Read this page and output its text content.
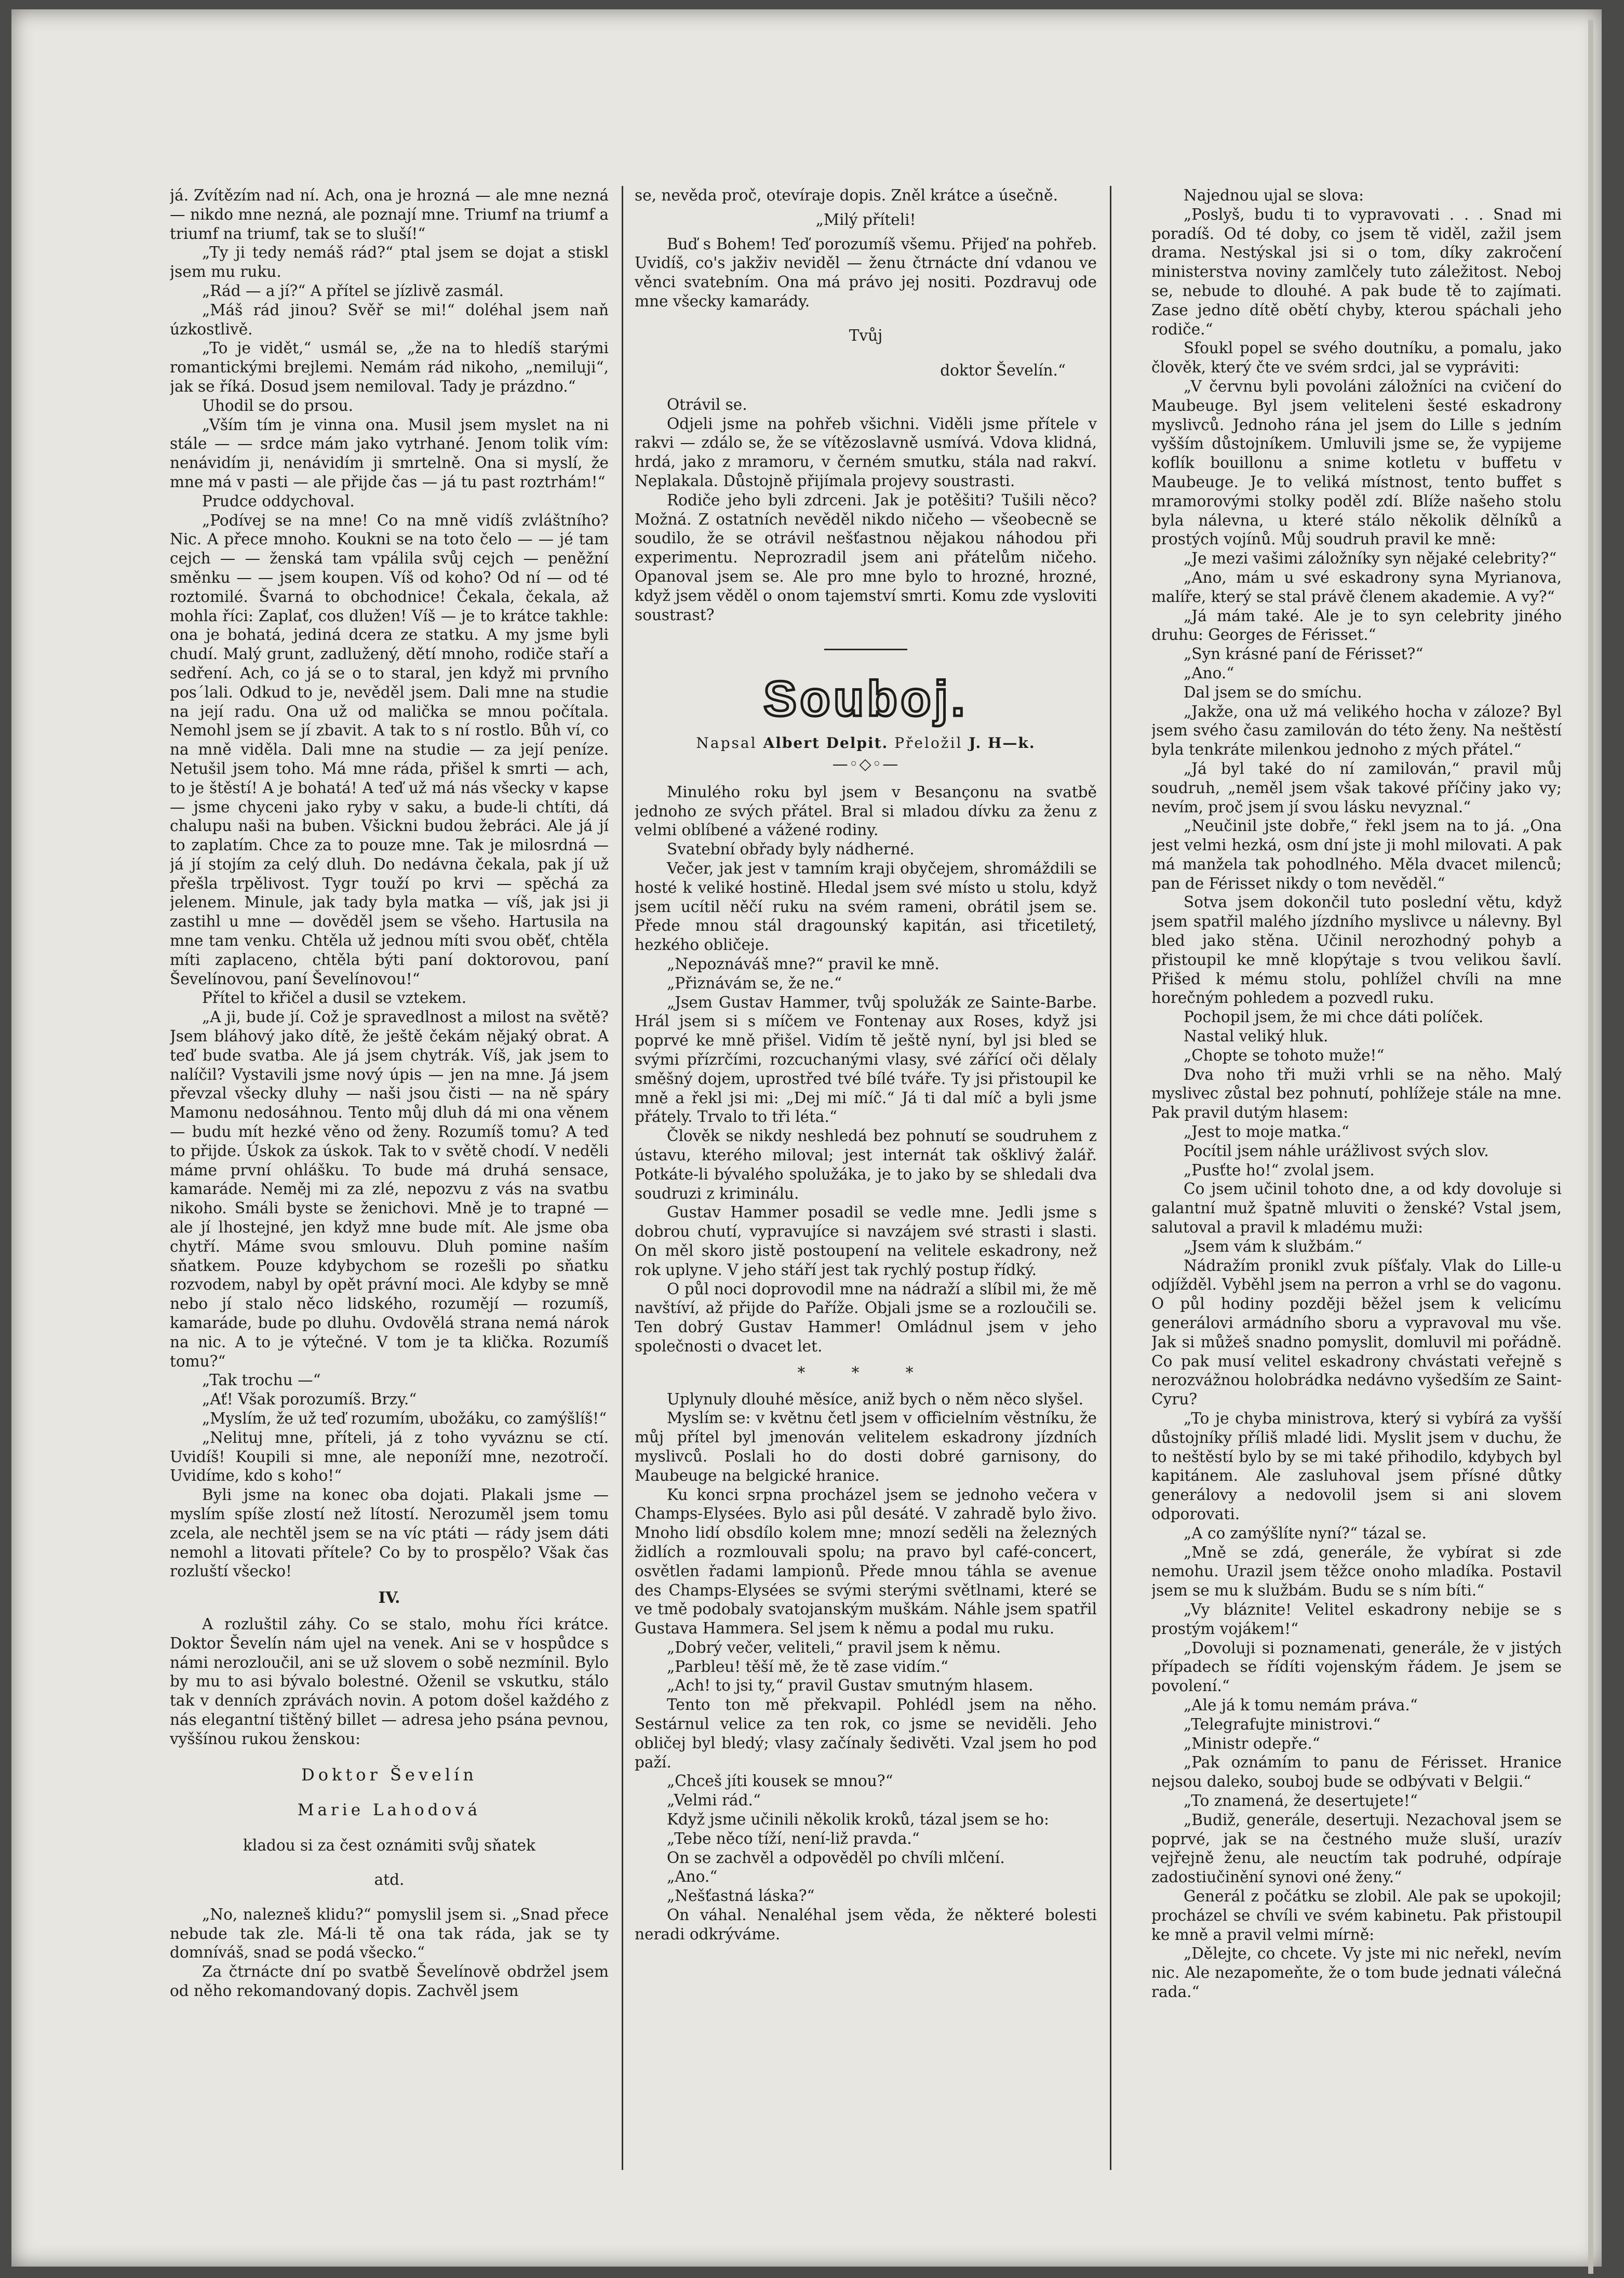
já. Zvítězím nad ní. Ach, ona je hrozná — ale mne nezná — nikdo mne nezná, ale poznají mne. Triumf na triumf a triumf na triumf, tak se to sluší!“

„Ty ji tedy nemáš rád?“ ptal jsem se dojat a stiskl jsem mu ruku.

„Rád — a jí?“ A přítel se jízlivě zasmál.

„Máš rád jinou? Svěř se mi!“ doléhal jsem naň úzkostlivě.

„To je vidět,“ usmál se, „že na to hledíš starými romantickými brejlemi. Nemám rád nikoho, „nemiluji“, jak se říká. Dosud jsem nemiloval. Tady je prázdno.“

Uhodil se do prsou.

„Vším tím je vinna ona. Musil jsem myslet na ni stále — — srdce mám jako vytrhané. Jenom tolik vím: nenávidím ji, nenávidím ji smrtelně. Ona si myslí, že mne má v pasti — ale přijde čas — já tu past roztrhám!“

Prudce oddychoval.

„Podívej se na mne! Co na mně vidíš zvláštního? Nic. A přece mnoho. Koukni se na toto čelo — — jé tam cejch — — ženská tam vpálila svůj cejch — peněžní směnku — — jsem koupen. Víš od koho? Od ní — od té roztomilé. Švarná to obchodnice! Čekala, čekala, až mohla říci: Zaplať, cos dlužen! Víš — je to krátce takhle: ona je bohatá, jediná dcera ze statku. A my jsme byli chudí. Malý grunt, zadlužený, dětí mnoho, rodiče staří a sedření. Ach, co já se o to staral, jen když mi prvního pos´lali. Odkud to je, nevěděl jsem. Dali mne na studie na její radu. Ona už od malička se mnou počítala. Nemohl jsem se jí zbavit. A tak to s ní rostlo. Bůh ví, co na mně viděla. Dali mne na studie — za její peníze. Netušil jsem toho. Má mne ráda, přišel k smrti — ach, to je štěstí! A je bohatá! A teď už má nás všecky v kapse — jsme chyceni jako ryby v saku, a bude-li chtíti, dá chalupu naši na buben. Všickni budou žebráci. Ale já jí to zaplatím. Chce za to pouze mne. Tak je milosrdná — já jí stojím za celý dluh. Do nedávna čekala, pak jí už přešla trpělivost. Tygr touží po krvi — spěchá za jelenem. Minule, jak tady byla matka — víš, jak jsi ji zastihl u mne — dověděl jsem se všeho. Hartusila na mne tam venku. Chtěla už jednou míti svou oběť, chtěla míti zaplaceno, chtěla býti paní doktorovou, paní Ševelínovou, paní Ševelínovou!“

Přítel to křičel a dusil se vztekem.

„A ji, bude jí. Což je spravedlnost a milost na světě? Jsem bláhový jako dítě, že ještě čekám nějaký obrat. A teď bude svatba. Ale já jsem chytrák. Víš, jak jsem to nalíčil? Vystavili jsme nový úpis — jen na mne. Já jsem převzal všecky dluhy — naši jsou čisti — na ně spáry Mamonu nedosáhnou. Tento můj dluh dá mi ona věnem — budu mít hezké věno od ženy. Rozumíš tomu? A teď to přijde. Úskok za úskok. Tak to v světě chodí. V neděli máme první ohlášku. To bude má druhá sensace, kamaráde. Neměj mi za zlé, nepozvu z vás na svatbu nikoho. Smáli byste se ženichovi. Mně je to trapné — ale jí lhostejné, jen když mne bude mít. Ale jsme oba chytří. Máme svou smlouvu. Dluh pomine naším sňatkem. Pouze kdybychom se rozešli po sňatku rozvodem, nabyl by opět právní moci. Ale kdyby se mně nebo jí stalo něco lidského, rozumějí — rozumíš, kamaráde, bude po dluhu. Ovdovělá strana nemá nárok na nic. A to je výtečné. V tom je ta klička. Rozumíš tomu?“

„Tak trochu —“

„Ať! Však porozumíš. Brzy.“

„Myslím, že už teď rozumím, ubožáku, co zamýšlíš!“

„Nelituj mne, příteli, já z toho vyváznu se ctí. Uvidíš! Koupili si mne, ale neponíží mne, nezotročí. Uvidíme, kdo s koho!“

Byli jsme na konec oba dojati. Plakali jsme — myslím spíše zlostí než lítostí. Nerozuměl jsem tomu zcela, ale nechtěl jsem se na víc ptáti — rády jsem dáti nemohl a litovati přítele? Co by to prospělo? Však čas rozluští všecko!

IV.

A rozluštil záhy. Co se stalo, mohu říci krátce. Doktor Ševelín nám ujel na venek. Ani se v hospůdce s námi nerozloučil, ani se už slovem o sobě nezmínil. Bylo by mu to asi bývalo bolestné. Oženil se vskutku, stálo tak v denních zprávách novin. A potom došel každého z nás elegantní tištěný billet — adresa jeho psána pevnou, vyššínou rukou ženskou:

Doktor Ševelín

Marie Lahodová

kladou si za čest oznámiti svůj sňatek

atd.

„No, nalezneš klidu?“ pomyslil jsem si. „Snad přece nebude tak zle. Má-li tě ona tak ráda, jak se ty domníváš, snad se podá všecko.“

Za čtrnácte dní po svatbě Ševelínově obdržel jsem od něho rekomandovaný dopis. Zachvěl jsem

se, nevěda proč, otevíraje dopis. Zněl krátce a úsečně.

„Milý příteli!

Buď s Bohem! Teď porozumíš všemu. Přijeď na pohřeb. Uvidíš, co's jakživ neviděl — ženu čtrnácte dní vdanou ve věnci svatebním. Ona má právo jej nositi. Pozdravuj ode mne všecky kamarády.

Tvůj

doktor Ševelín.“

Otrávil se.

Odjeli jsme na pohřeb všichni. Viděli jsme přítele v rakvi — zdálo se, že se vítězoslavně usmívá. Vdova klidná, hrdá, jako z mramoru, v černém smutku, stála nad rakví. Neplakala. Důstojně přijímala projevy soustrasti.

Rodiče jeho byli zdrceni. Jak je potěšiti? Tušili něco? Možná. Z ostatních nevěděl nikdo ničeho — všeobecně se soudilo, že se otrávil nešťastnou nějakou náhodou při experimentu. Neprozradil jsem ani přátelům ničeho. Opanoval jsem se. Ale pro mne bylo to hrozné, hrozné, když jsem věděl o onom tajemství smrti. Komu zde vysloviti soustrast?

Souboj.

Napsal Albert Delpit. Přeložil J. H—k.

—◦◇◦—

Minulého roku byl jsem v Besançonu na svatbě jednoho ze svých přátel. Bral si mladou dívku za ženu z velmi oblíbené a vážené rodiny.

Svatební obřady byly nádherné.

Večer, jak jest v tamním kraji obyčejem, shromáždili se hosté k veliké hostině. Hledal jsem své místo u stolu, když jsem ucítil něčí ruku na svém rameni, obrátil jsem se. Přede mnou stál dragounský kapitán, asi třicetiletý, hezkého obličeje.

„Nepoznáváš mne?“ pravil ke mně.

„Přiznávám se, že ne.“

„Jsem Gustav Hammer, tvůj spolužák ze Sainte-Barbe. Hrál jsem si s míčem ve Fontenay aux Roses, když jsi poprvé ke mně přišel. Vidím tě ještě nyní, byl jsi bled se svými přízrčími, rozcuchanými vlasy, své zářící oči dělaly směšný dojem, uprostřed tvé bílé tváře. Ty jsi přistoupil ke mně a řekl jsi mi: „Dej mi míč.“ Já ti dal míč a byli jsme přátely. Trvalo to tři léta.“

Člověk se nikdy neshledá bez pohnutí se soudruhem z ústavu, kterého miloval; jest internát tak ošklivý žalář. Potkáte-li bývalého spolužáka, je to jako by se shledali dva soudruzi z kriminálu.

Gustav Hammer posadil se vedle mne. Jedli jsme s dobrou chutí, vypravujíce si navzájem své strasti i slasti. On měl skoro jistě postoupení na velitele eskadrony, než rok uplyne. V jeho stáří jest tak rychlý postup řídký.

O půl noci doprovodil mne na nádraží a slíbil mi, že mě navštíví, až přijde do Paříže. Objali jsme se a rozloučili se. Ten dobrý Gustav Hammer! Omládnul jsem v jeho společnosti o dvacet let.

* * *

Uplynuly dlouhé měsíce, aniž bych o něm něco slyšel.

Myslím se: v květnu četl jsem v officielním věstníku, že můj přítel byl jmenován velitelem eskadrony jízdních myslivců. Poslali ho do dosti dobré garnisony, do Maubeuge na belgické hranice.

Ku konci srpna procházel jsem se jednoho večera v Champs-Elysées. Bylo asi půl desáté. V zahradě bylo živo. Mnoho lidí obsdílo kolem mne; mnozí seděli na železných židlích a rozmlouvali spolu; na pravo byl café-concert, osvětlen řadami lampionů. Přede mnou táhla se avenue des Champs-Elysées se svými sterými světlnami, které se ve tmě podobaly svatojanským muškám. Náhle jsem spatřil Gustava Hammera. Sel jsem k němu a podal mu ruku.

„Dobrý večer, veliteli,“ pravil jsem k němu.

„Parbleu! těší mě, že tě zase vidím.“

„Ach! to jsi ty,“ pravil Gustav smutným hlasem.

Tento ton mě překvapil. Pohlédl jsem na něho. Sestárnul velice za ten rok, co jsme se neviděli. Jeho obličej byl bledý; vlasy začínaly šedivěti. Vzal jsem ho pod paží.

„Chceš jíti kousek se mnou?“

„Velmi rád.“

Když jsme učinili několik kroků, tázal jsem se ho:

„Tebe něco tíží, není-liž pravda.“

On se zachvěl a odpověděl po chvíli mlčení.

„Ano.“

„Nešťastná láska?“

On váhal. Nenaléhal jsem věda, že některé bolesti neradi odkrýváme.

Najednou ujal se slova:

„Poslyš, budu ti to vypravovati . . . Snad mi poradíš. Od té doby, co jsem tě viděl, zažil jsem drama. Nestýskal jsi si o tom, díky zakročení ministerstva noviny zamlčely tuto záležitost. Neboj se, nebude to dlouhé. A pak bude tě to zajímati. Zase jedno dítě obětí chyby, kterou spáchali jeho rodiče.“

Sfoukl popel se svého doutníku, a pomalu, jako člověk, který čte ve svém srdci, jal se vypráviti:

„V červnu byli povoláni záložníci na cvičení do Maubeuge. Byl jsem veliteleni šesté eskadrony myslivců. Jednoho rána jel jsem do Lille s jedním vyšším důstojníkem. Umluvili jsme se, že vypijeme koflík bouillonu a snime kotletu v buffetu v Maubeuge. Je to veliká místnost, tento buffet s mramorovými stolky poděl zdí. Blíže našeho stolu byla nálevna, u které stálo několik dělníků a prostých vojínů. Můj soudruh pravil ke mně:

„Je mezi vašimi záložníky syn nějaké celebrity?“

„Ano, mám u své eskadrony syna Myrianova, malíře, který se stal právě členem akademie. A vy?“

„Já mám také. Ale je to syn celebrity jiného druhu: Georges de Férisset.“

„Syn krásné paní de Férisset?“

„Ano.“

Dal jsem se do smíchu.

„Jakže, ona už má velikého hocha v záloze? Byl jsem svého času zamilován do této ženy. Na neštěstí byla tenkráte milenkou jednoho z mých přátel.“

„Já byl také do ní zamilován,“ pravil můj soudruh, „neměl jsem však takové příčiny jako vy; nevím, proč jsem jí svou lásku nevyznal.“

„Neučinil jste dobře,“ řekl jsem na to já. „Ona jest velmi hezká, osm dní jste ji mohl milovati. A pak má manžela tak pohodlného. Měla dvacet milenců; pan de Férisset nikdy o tom nevěděl.“

Sotva jsem dokončil tuto poslední větu, když jsem spatřil malého jízdního myslivce u nálevny. Byl bled jako stěna. Učinil nerozhodný pohyb a přistoupil ke mně klopýtaje s tvou velikou šavlí. Přišed k mému stolu, pohlížel chvíli na mne horečným pohledem a pozvedl ruku.

Pochopil jsem, že mi chce dáti políček.

Nastal veliký hluk.

„Chopte se tohoto muže!“

Dva noho tři muži vrhli se na něho. Malý myslivec zůstal bez pohnutí, pohlížeje stále na mne. Pak pravil dutým hlasem:

„Jest to moje matka.“

Pocítil jsem náhle urážlivost svých slov.

„Pusťte ho!“ zvolal jsem.

Co jsem učinil tohoto dne, a od kdy dovoluje si galantní muž špatně mluviti o ženské? Vstal jsem, salutoval a pravil k mladému muži:

„Jsem vám k službám.“

Nádražím pronikl zvuk píšťaly. Vlak do Lille-u odjížděl. Vyběhl jsem na perron a vrhl se do vagonu. O půl hodiny později běžel jsem k velicímu generálovi armádního sboru a vypravoval mu vše. Jak si můžeš snadno pomyslit, domluvil mi pořádně. Co pak musí velitel eskadrony chvástati veřejně s nerozvážnou holobrádka nedávno vyšedším ze Saint-Cyru?

„To je chyba ministrova, který si vybírá za vyšší důstojníky příliš mladé lidi. Myslit jsem v duchu, že to neštěstí bylo by se mi také přihodilo, kdybych byl kapitánem. Ale zasluhoval jsem přísné důtky generálovy a nedovolil jsem si ani slovem odporovati.

„A co zamýšlíte nyní?“ tázal se.

„Mně se zdá, generále, že vybírat si zde nemohu. Urazil jsem těžce onoho mladíka. Postavil jsem se mu k službám. Budu se s ním bíti.“

„Vy bláznite! Velitel eskadrony nebije se s prostým vojákem!“

„Dovoluji si poznamenati, generále, že v jistých případech se řídíti vojenským řádem. Je jsem se povolení.“

„Ale já k tomu nemám práva.“

„Telegrafujte ministrovi.“

„Ministr odepře.“

„Pak oznámím to panu de Férisset. Hranice nejsou daleko, souboj bude se odbývati v Belgii.“

„To znamená, že desertujete!“

„Budiž, generále, desertuji. Nezachoval jsem se poprvé, jak se na čestného muže sluší, urazív vejřejně ženu, ale neuctím tak podruhé, odpíraje zadostiučinění synovi oné ženy.“

Generál z počátku se zlobil. Ale pak se upokojil; procházel se chvíli ve svém kabinetu. Pak přistoupil ke mně a pravil velmi mírně:

„Dělejte, co chcete. Vy jste mi nic neřekl, nevím nic. Ale nezapomeňte, že o tom bude jednati válečná rada.“
